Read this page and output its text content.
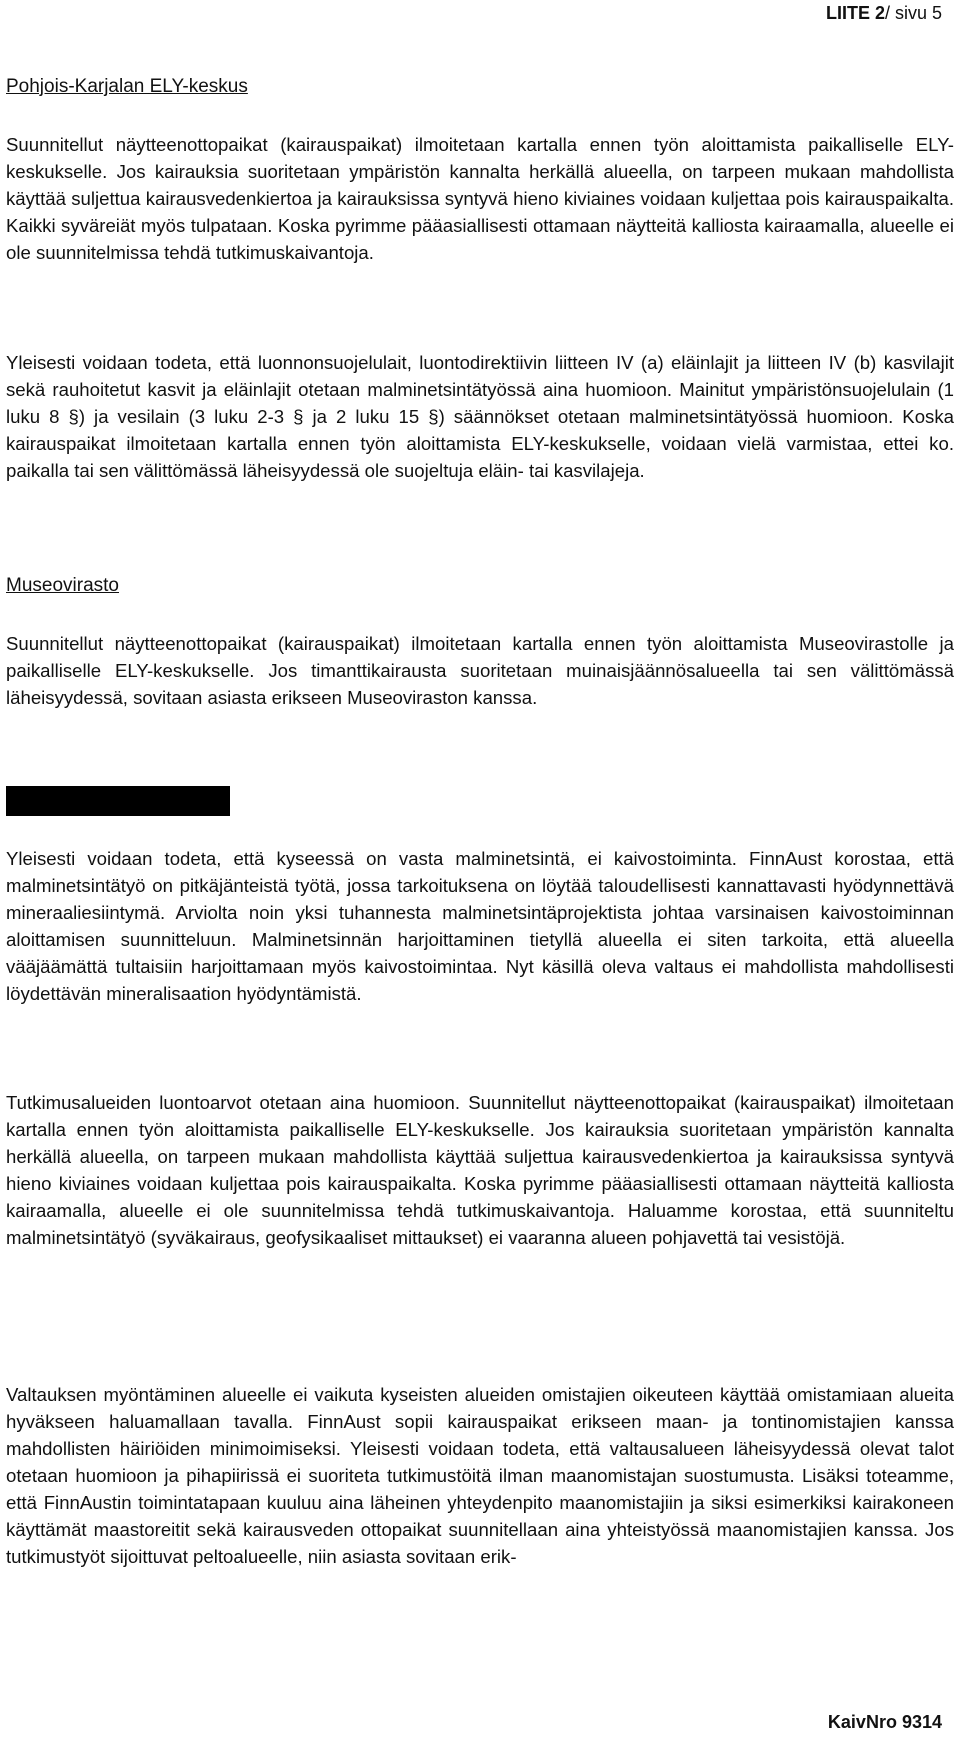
LIITE 2/ sivu 5

Pohjois-Karjalan ELY-keskus

Suunnitellut näytteenottopaikat (kairauspaikat) ilmoitetaan kartalla ennen työn aloittamista paikalliselle ELY-keskukselle. Jos kairauksia suoritetaan ympäristön kannalta herkällä alueella, on tarpeen mukaan mahdollista käyttää suljettua kairausvedenkiertoa ja kairauksissa syntyvä hieno kiviaines voidaan kuljettaa pois kairauspaikalta. Kaikki syväreiät myös tulpataan. Koska pyrimme pääasiallisesti ottamaan näytteitä kalliosta kairaamalla, alueelle ei ole suunnitelmissa tehdä tutkimuskaivantoja.

Yleisesti voidaan todeta, että luonnonsuojelulait, luontodirektiivin liitteen IV (a) eläinlajit ja liitteen IV (b) kasvilajit sekä rauhoitetut kasvit ja eläinlajit otetaan malminetsintätyössä aina huomioon. Mainitut ympäristönsuojelulain (1 luku 8 §) ja vesilain (3 luku 2-3 § ja 2 luku 15 §) säännökset otetaan malminetsintätyössä huomioon. Koska kairauspaikat ilmoitetaan kartalla ennen työn aloittamista ELY-keskukselle, voidaan vielä varmistaa, ettei ko. paikalla tai sen välittömässä läheisyydessä ole suojeltuja eläin- tai kasvilajeja.

Museovirasto

Suunnitellut näytteenottopaikat (kairauspaikat) ilmoitetaan kartalla ennen työn aloittamista Museovirastolle ja paikalliselle ELY-keskukselle. Jos timanttikairausta suoritetaan muinaisjäännösalueella tai sen välittömässä läheisyydessä, sovitaan asiasta erikseen Museoviraston kanssa.

Yleisesti voidaan todeta, että kyseessä on vasta malminetsintä, ei kaivostoiminta. FinnAust korostaa, että malminetsintätyö on pitkäjänteistä työtä, jossa tarkoituksena on löytää taloudellisesti kannattavasti hyödynnettävä mineraaliesiintymä. Arviolta noin yksi tuhannesta malminetsintäprojektista johtaa varsinaisen kaivostoiminnan aloittamisen suunnitteluun. Malminetsinnän harjoittaminen tietyllä alueella ei siten tarkoita, että alueella vääjäämättä tultaisiin harjoittamaan myös kaivostoimintaa. Nyt käsillä oleva valtaus ei mahdollista mahdollisesti löydettävän mineralisaation hyödyntämistä.

Tutkimusalueiden luontoarvot otetaan aina huomioon. Suunnitellut näytteenottopaikat (kairauspaikat) ilmoitetaan kartalla ennen työn aloittamista paikalliselle ELY-keskukselle. Jos kairauksia suoritetaan ympäristön kannalta herkällä alueella, on tarpeen mukaan mahdollista käyttää suljettua kairausvedenkiertoa ja kairauksissa syntyvä hieno kiviaines voidaan kuljettaa pois kairauspaikalta. Koska pyrimme pääasiallisesti ottamaan näytteitä kalliosta kairaamalla, alueelle ei ole suunnitelmissa tehdä tutkimuskaivantoja. Haluamme korostaa, että suunniteltu malminetsintätyö (syväkairaus, geofysikaaliset mittaukset) ei vaaranna alueen pohjavettä tai vesistöjä.

Valtauksen myöntäminen alueelle ei vaikuta kyseisten alueiden omistajien oikeuteen käyttää omistamiaan alueita hyväkseen haluamallaan tavalla. FinnAust sopii kairauspaikat erikseen maan- ja tontinomistajien kanssa mahdollisten häiriöiden minimoimiseksi. Yleisesti voidaan todeta, että valtausalueen läheisyydessä olevat talot otetaan huomioon ja pihapiirissä ei suoriteta tutkimustöitä ilman maanomistajan suostumusta. Lisäksi toteamme, että FinnAustin toimintatapaan kuuluu aina läheinen yhteydenpito maanomistajiin ja siksi esimerkiksi kairakoneen käyttämät maastoreitit sekä kairausveden ottopaikat suunnitellaan aina yhteistyössä maanomistajien kanssa. Jos tutkimustyöt sijoittuvat peltoalueelle, niin asiasta sovitaan erik-

KaivNro 9314
